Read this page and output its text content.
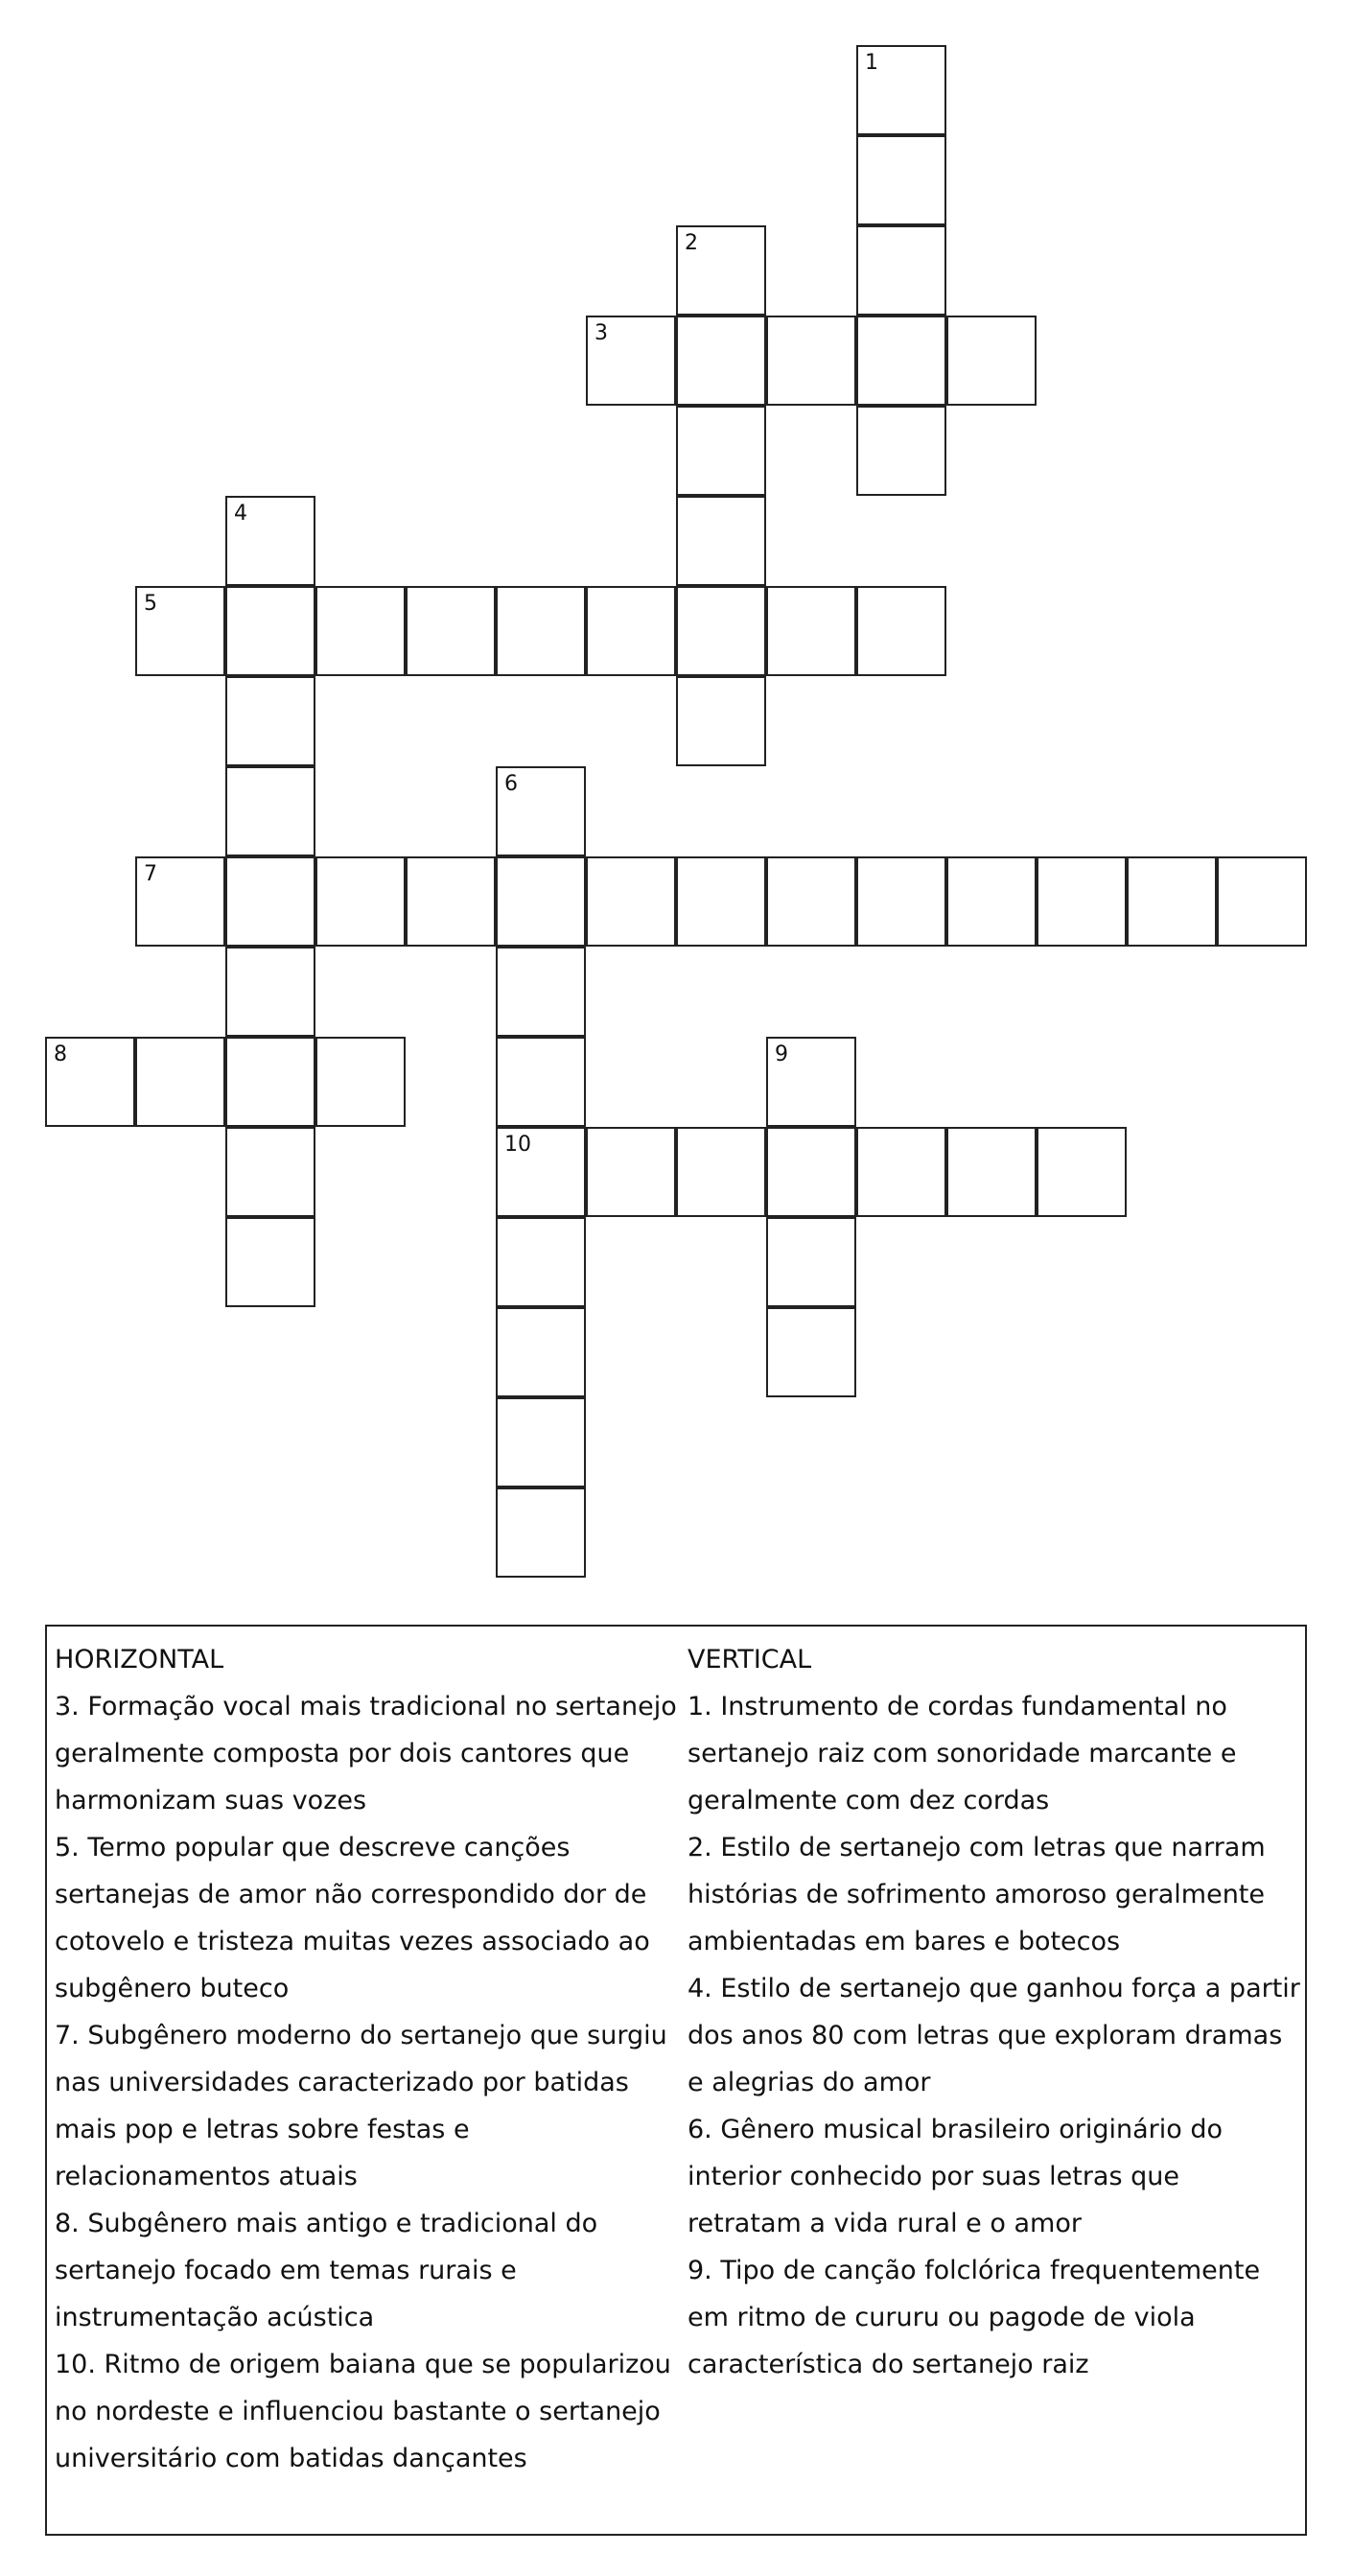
1
2
3
4
5
6
7
8	9
10
HORIZONTAL
3. Formação vocal mais tradicional no sertanejo geralmente composta por dois cantores que harmonizam suas vozes
5. Termo popular que descreve canções sertanejas de amor não correspondido dor de cotovelo e tristeza muitas vezes associado ao subgênero buteco
7. Subgênero moderno do sertanejo que surgiu nas universidades caracterizado por batidas mais pop e letras sobre festas e relacionamentos atuais
8. Subgênero mais antigo e tradicional do sertanejo focado em temas rurais e instrumentação acústica
10. Ritmo de origem baiana que se popularizou no nordeste e influenciou bastante o sertanejo universitário com batidas dançantes
VERTICAL
1. Instrumento de cordas fundamental no sertanejo raiz com sonoridade marcante e geralmente com dez cordas
2. Estilo de sertanejo com letras que narram histórias de sofrimento amoroso geralmente ambientadas em bares e botecos
4. Estilo de sertanejo que ganhou força a partir dos anos 80 com letras que exploram dramas e alegrias do amor
6. Gênero musical brasileiro originário do interior conhecido por suas letras que retratam a vida rural e o amor
9. Tipo de canção folclórica frequentemente em ritmo de cururu ou pagode de viola característica do sertanejo raiz
